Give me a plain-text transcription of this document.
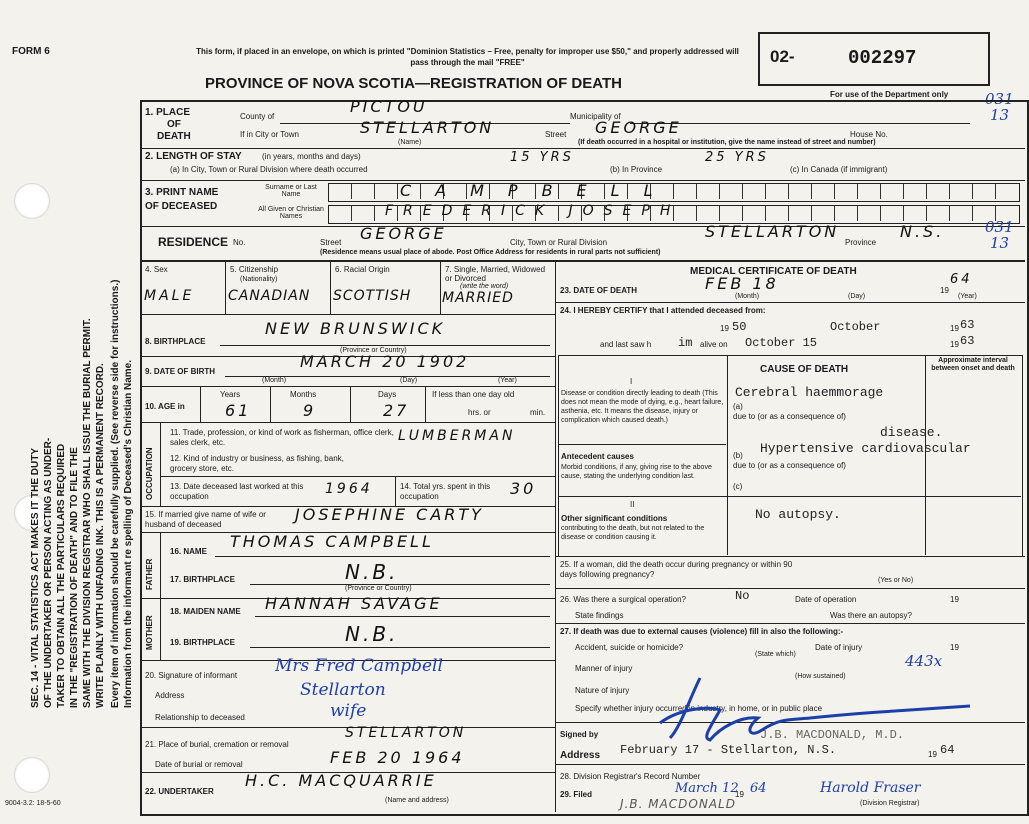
FORM 6	This form, if placed in an envelope, on which is printed "Dominion Statistics – Free, penalty for improper use $50," and properly addressed will pass through the mail "FREE"
PROVINCE OF NOVA SCOTIA—REGISTRATION OF DEATH
02-	002297
For use of the Department only 031
13
SEC. 14 - VITAL STATISTICS ACT MAKES IT THE DUTY OF THE UNDERTAKER OR PERSON ACTING AS UNDER- TAKER TO OBTAIN ALL THE PARTICULARS REQUIRED IN THE "REGISTRATION OF DEATH" AND TO FILE THE SAME WITH THE DIVISION REGISTRAR WHO SHALL ISSUE THE BURIAL PERMIT. WRITE PLAINLY WITH UNFADING INK. THIS IS A PERMANENT RECORD. Every item of information should be carefully supplied. (See reverse side for instructions.) Information from the informant re spelling of Deceased's Christian Name.
1. PLACE
OF
DEATH
County of
PICTOU
Municipality of
If in City or Town	STELLARTON
(Name)
Street GEORGE	House No.
(If death occurred in a hospital or institution, give the name instead of street and number)
2. LENGTH OF STAY	(in years, months and days)
(a) In City, Town or Rural Division where death occurred
15 YRS
(b) In Province
25 YRS
(c) In Canada (if immigrant)
3. PRINT NAME
OF DECEASED
Surname or Last Name
All Given or Christian Names
CAMPBELL
FREDERICK JOSEPH
RESIDENCE No.	Street GEORGE	City, Town or Rural Division
STELLARTON
Province
N.S.	031
13
(Residence means usual place of abode. Post Office Address for residents in rural parts not sufficient)
4. Sex
MALE
5. Citizenship
(Nationality)
CANADIAN
6. Racial Origin
SCOTTISH
7. Single, Married, Widowed or Divorced
(write the word)
MARRIED
8. BIRTHPLACE
NEW BRUNSWICK
(Province or Country)
9. DATE OF BIRTH
MARCH 20 1902
(Month)	(Day)	(Year)
10. AGE in
Years
61
Months
9
Days
27
If less than one day old
hrs. or	min.
OCCUPATION
11. Trade, profession, or kind of work as fisherman, office clerk, sales clerk, etc.	LUMBERMAN
12. Kind of industry or business, as fishing, bank, grocery store, etc.
13. Date deceased last worked at this occupation	1964	14. Total yrs. spent in this occupation	30
15. If married give name of wife or husband of deceased
JOSEPHINE CARTY
FATHER
16. NAME
THOMAS CAMPBELL
17. BIRTHPLACE	N.B.
(Province or Country)
MOTHER
18. MAIDEN NAME HANNAH SAVAGE
19. BIRTHPLACE	N.B.
20. Signature of informant Mrs Fred Campbell
Address	Stellarton
Relationship to deceased	wife
21. Place of burial, cremation or removal
STELLARTON
Date of burial or removal	FEB 20 1964
22. UNDERTAKER
H.C. MACQUARRIE
(Name and address)
MEDICAL CERTIFICATE OF DEATH
23. DATE OF DEATH	FEB 18	19
64
(Month)	(Day)	(Year)
24. I HEREBY CERTIFY that I attended deceased from:
19 50	October	19 63
and last saw h im alive on October 15	19 63
CAUSE OF DEATH
Approximate interval between onset and death
I
Disease or condition directly leading to death (This does not mean the mode of dying, e.g., heart failure, asthenia, etc. It means the disease, injury or complication which caused death.)
(a)
Cerebral haemmorage
due to (or as a consequence of)
disease.
Hypertensive cardiovascular
Antecedent causes
Morbid conditions, if any, giving rise to the above cause, stating the underlying condition last.
(b)
due to (or as a consequence of)
(c)
II
Other significant conditions
contributing to the death, but not related to the disease or condition causing it.
No autopsy.
25. If a woman, did the death occur during pregnancy or within 90 days following pregnancy?
(Yes or No)
26. Was there a surgical operation?	No	Date of operation	19
State findings	Was there an autopsy?
27. If death was due to external causes (violence) fill in also the following:-
Accident, suicide or homicide?
(State which)
Date of injury	19
443x
Manner of injury
(How sustained)
Nature of injury
Specify whether injury occurred in industry, in home, or in public place
Signed by	J.B. MACDONALD, M.D.
Address February 17 - Stellarton, N.S.	19 64
28. Division Registrar's Record Number
29. Filed	March 12
19 64	Harold Fraser
(Division Registrar)
J.B. MACDONALD
9004-3.2: 18-5-60
